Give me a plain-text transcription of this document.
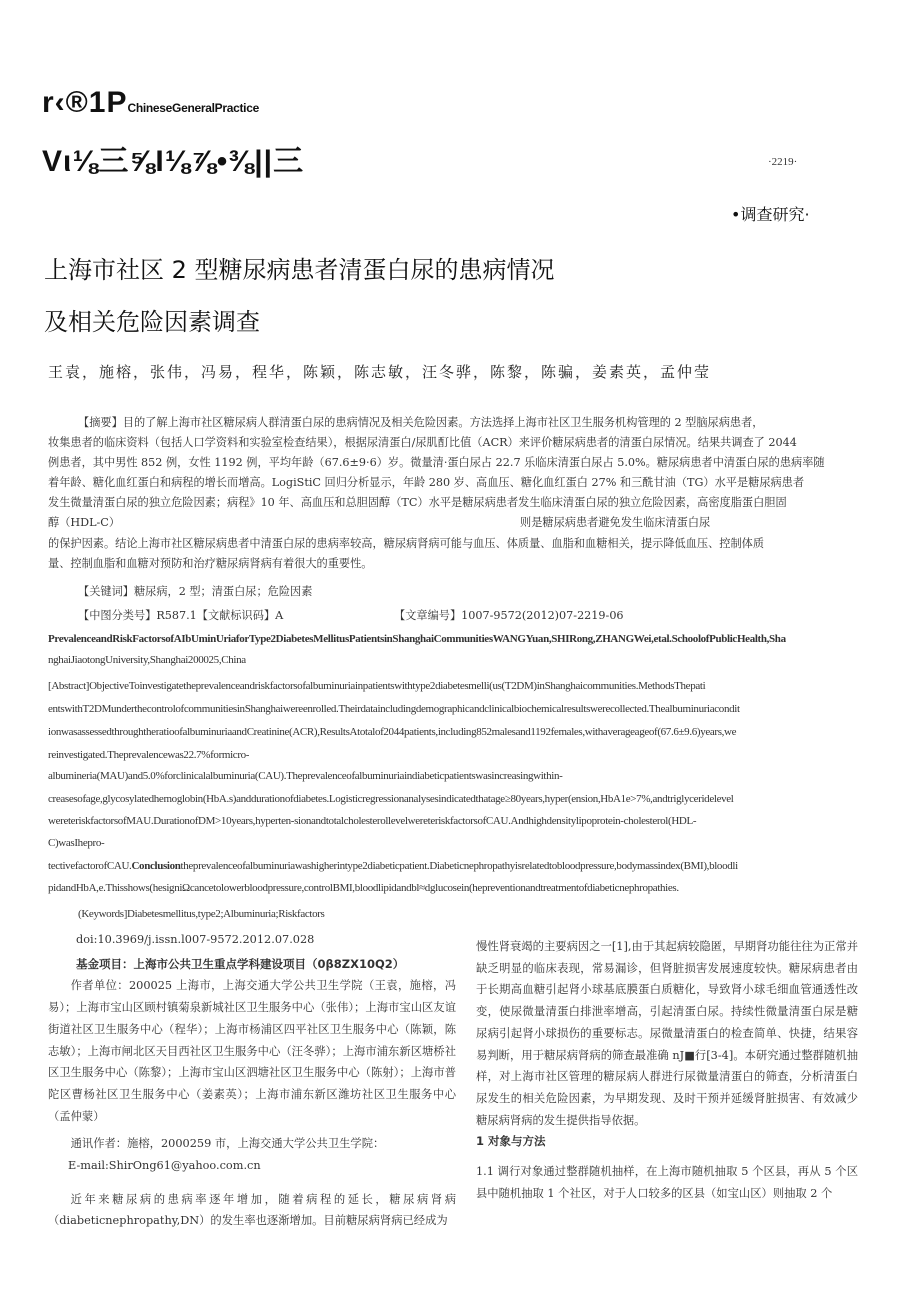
r‹®1PChineseGeneralPractice
Vι⅛三⅝I⅛⅞•⅜||三	·2219·
•调查研究·
上海市社区 2 型糖尿病患者清蛋白尿的患病情况
及相关危险因素调查
王袁，施榕，张伟，冯易，程华，陈颖，陈志敏，汪冬骅，陈黎，陈骗，姜素英，孟仲莹
【摘要】目的了解上海市社区糖尿病人群清蛋白尿的患病情况及相关危险因素。方法选择上海市社区卫生服务机构管理的 2 型脑尿病患者，
妆集患者的临床资料（包括人口学资料和实验室检查结果），根据尿清蛋白/尿肌酊比值（ACR）来评价糖尿病患者的清蛋白尿情况。结果共调查了 2044
例患者，其中男性 852 例，女性 1192 例，平均年龄（67.6±9·6）岁。微量清·蛋白尿占 22.7 乐临床清蛋白尿占 5.0%。糖尿病患者中清蛋白尿的患病率随
着年龄、糖化血红蛋白和病程的增长而增高。LogiStiC 回归分析显示，年龄 280 岁、高血压、糖化血红蛋白 27% 和三酰甘油（TG）水平是糖尿病患者
发生微量清蛋白尿的独立危险因素；病程》10 年、高血压和总胆固醇（TC）水平是糖尿病患者发生临床清蛋白尿的独立危险因素，高密度脂蛋白胆固
醇（HDL-C）	则是糖尿病患者避免发生临床清蛋白尿
的保护因素。结论上海市社区糖尿病患者中清蛋白尿的患病率较高，糖尿病肾病可能与血压、体质量、血脂和血糖相关，提示降低血压、控制体质
量、控制血脂和血糖对预防和治疗糖尿病肾病有着很大的重要性。
【关键词】糖尿病，2 型；清蛋白尿；危险因素
【中图分类号】R587.1【文献标识码】A	【文章编号】1007-9572(2012)07-2219-06
PrevalenceandRiskFactorsofAIbUminUriaforType2DiabetesMellitusPatientsinShanghaiCommunitiesWANGYuan,SHIRong,ZHANGWei,etal.SchoolofPublicHealth,Sha
nghaiJiaotongUniversity,Shanghai200025,China
[Abstract]ObjectiveToinvestigatetheprevalenceandriskfactorsofalbuminuriainpatientswithtype2diabetesmelli(us(T2DM)inShanghaicommunities.MethodsThepati
entswithT2DMunderthecontrolofcommunitiesinShanghaiwereenrolled.Theirdataincludingdemographicandclinicalbiochemicalresultswerecollected.Thealbuminuriacondit
ionwasassessedthroughtheratioofalbuminuriaandCreatinine(ACR),ResultsAtotalof2044patients,including852malesand1192females,withaverageageof(67.6±9.6)years,we
reinvestigated.Theprevalencewas22.7%formicro-
albumineria(MAU)and5.0%forclinicalalbuminuria(CAU).Theprevalenceofalbuminuriaindiabeticpatientswasincreasingwithin-
creasesofage,glycosylatedhemoglobin(HbA.s)anddurationofdiabetes.Logisticregressionanalysesindicatedthatage≥80years,hyper(ension,HbA1e>7%,andtriglyceridelevel
wereteriskfactorsofMAU.DurationofDM>10years,hyperten-sionandtotalcholesterollevelwereteriskfactorsofCAU.Andhighdensitylipoprotein-cholesterol(HDL-
C)wasIhepro-
tectivefactorofCAU.Conclusiontheprevalenceofalbuminuriawashigherintype2diabeticpatient.Diabeticnephropathyisrelatedtobloodpressure,bodymassindex(BMI),bloodli
pidandHbA,e.Thisshows(hesigniΩcancetolowerbloodpressure,controlBMI,bloodlipidandbl≈dglucosein(hepreventionandtreatmentofdiabeticnephropathies.
(Keywords]Diabetesmellitus,type2;Albuminuria;Riskfactors

doi:10.3969/j.issn.l007-9572.2012.07.028

基金项目：上海市公共卫生重点学科建设项目（0β8ZX10Q2）

作者单位：200025 上海市，上海交通大学公共卫生学院（王袁，施榕，冯易）；上海市宝山区顾村镇菊泉新城社区卫生服务中心（张伟）；上海市宝山区友谊街道社区卫生服务中心（程华）；上海市杨浦区四平社区卫生服务中心（陈颖，陈志敏）；上海市闸北区天目西社区卫生服务中心（汪冬骅）；上海市浦东新区塘桥社区卫生服务中心（陈黎）；上海市宝山区泗塘社区卫生服务中心（陈射）；上海市普陀区曹杨社区卫生服务中心（姜素英）；上海市浦东新区潍坊社区卫生服务中心（孟仲蒙）

通讯作者：施榕，2000259 市，上海交通大学公共卫生学院：

E-mail:ShirOng61@yahoo.com.cn

近年来糖尿病的患病率逐年增加，随着病程的延长，糖尿病肾病（diabeticnephropathy,DN）的发生率也逐渐增加。目前糖尿病肾病已经成为

慢性肾衰竭的主要病因之一[1],由于其起病较隐匿，早期肾功能往往为正常并缺乏明显的临床表现，常易漏诊，但肾脏损害发展速度较快。糖尿病患者由于长期高血糖引起肾小球基底膜蛋白质糖化，导致肾小球毛细血管通透性改变，使尿微量清蛋白排泄率增高，引起清蛋白尿。持续性微量清蛋白尿是糖尿病引起肾小球损伤的重要标志。尿微量清蛋白的检查简单、快捷，结果容易判断，用于糖尿病肾病的筛查最准确 nJ■行[3-4]。本研究通过整群随机抽样，对上海市社区管理的糖尿病人群进行尿微量清蛋白的筛查，分析清蛋白尿发生的相关危险因素，为早期发现、及时干预并延缓肾脏损害、有效减少糖尿病肾病的发生提供指导依据。

1 对象与方法

1.1 调行对象通过整群随机抽样，在上海市随机抽取 5 个区县，再从 5 个区县中随机抽取 1 个社区，对于人口较多的区县（如宝山区）则抽取 2 个
